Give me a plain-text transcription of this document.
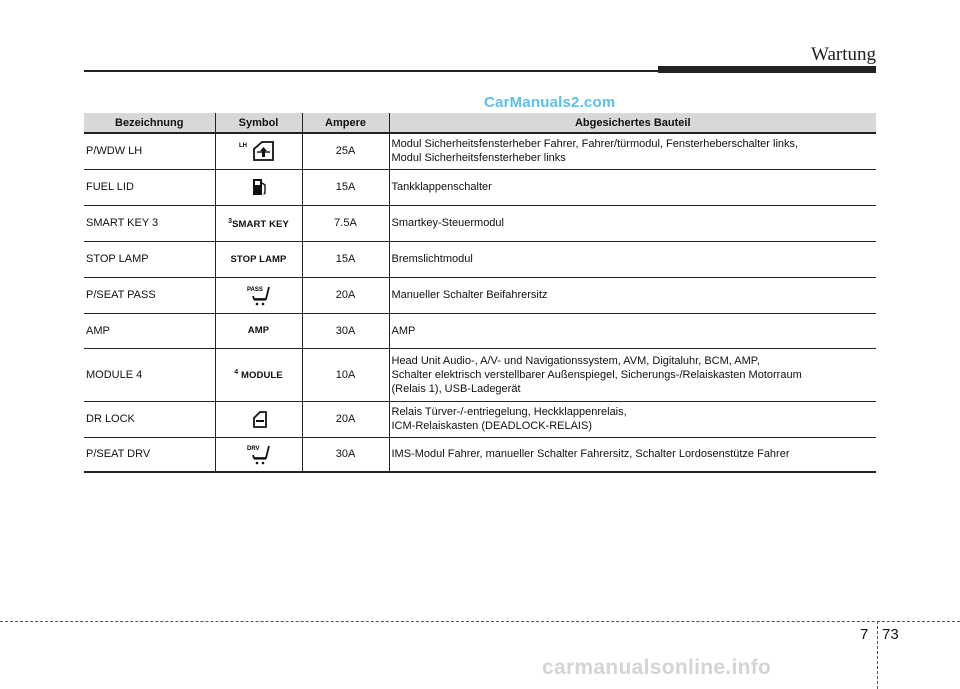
Wartung
CarManuals2.com
Bezeichnung	Symbol	Ampere	Abgesichertes Bauteil
P/WDW LH	LH	25A	Modul Sicherheitsfensterheber Fahrer, Fahrer/türmodul, Fensterheberschalter links,
Modul Sicherheitsfensterheber links

FUEL LID		15A	Tankklappenschalter
SMART KEY 3	$^3$SMART KEY	7.5A	Smartkey-Steuermodul
STOP LAMP	STOP LAMP	15A	Bremslichtmodul
P/SEAT PASS	PASS	20A	Manueller Schalter Beifahrersitz
AMP	AMP	30A	AMP
MODULE 4	$^4$ MODULE	10A	Head Unit Audio-, A/V- und Navigationssystem, AVM, Digitaluhr, BCM, AMP,
Schalter elektrisch verstellbarer Außenspiegel, Sicherungs-/Relaiskasten Motorraum
(Relais 1), USB-Ladegerät

DR LOCK		20A	Relais Türver-/-entriegelung, Heckklappenrelais,
ICM-Relaiskasten (DEADLOCK-RELAIS)

P/SEAT DRV	DRV	30A	IMS-Modul Fahrer, manueller Schalter Fahrersitz, Schalter Lordosenstütze Fahrer
7 73
carmanualsonline.info
